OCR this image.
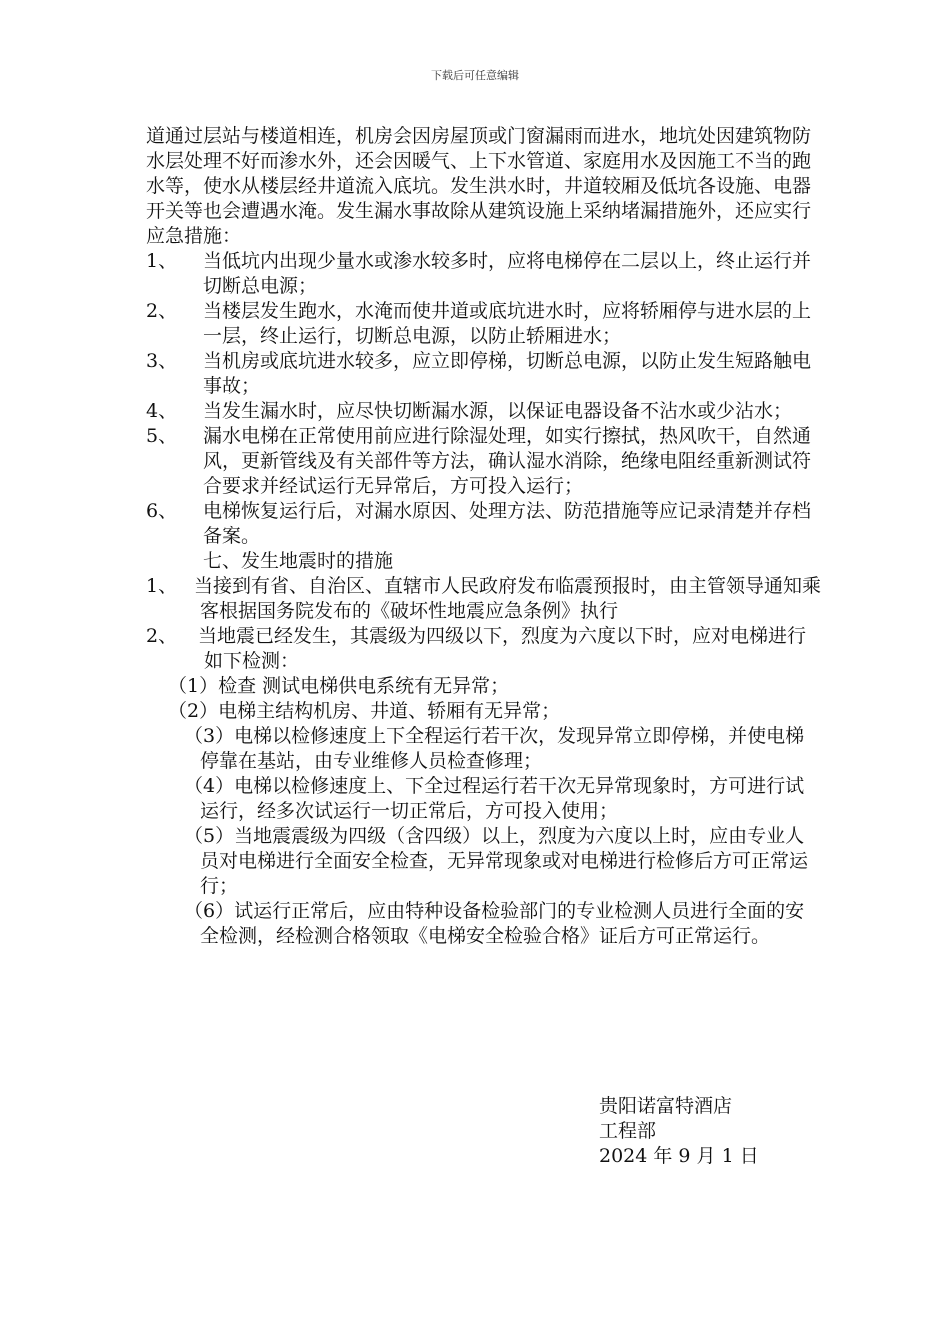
下载后可任意编辑

道通过层站与楼道相连，机房会因房屋顶或门窗漏雨而进水，地坑处因建筑物防水层处理不好而渗水外，还会因暖气、上下水管道、家庭用水及因施工不当的跑水等，使水从楼层经井道流入底坑。发生洪水时，井道较厢及低坑各设施、电器开关等也会遭遇水淹。发生漏水事故除从建筑设施上采纳堵漏措施外，还应实行应急措施：

1、	当低坑内出现少量水或渗水较多时，应将电梯停在二层以上，终止运行并切断总电源；
2、	当楼层发生跑水，水淹而使井道或底坑进水时，应将轿厢停与进水层的上一层，终止运行，切断总电源，以防止轿厢进水；
3、	当机房或底坑进水较多，应立即停梯，切断总电源，以防止发生短路触电事故；
4、	当发生漏水时，应尽快切断漏水源，以保证电器设备不沾水或少沾水；
5、	漏水电梯在正常使用前应进行除湿处理，如实行擦拭，热风吹干，自然通风，更新管线及有关部件等方法，确认湿水消除，绝缘电阻经重新测试符合要求并经试运行无异常后，方可投入运行；
6、	电梯恢复运行后，对漏水原因、处理方法、防范措施等应记录清楚并存档备案。

七、发生地震时的措施

1、 当接到有省、自治区、直辖市人民政府发布临震预报时，由主管领导通知乘客根据国务院发布的《破坏性地震应急条例》执行
2、	当地震已经发生，其震级为四级以下，烈度为六度以下时，应对电梯进行如下检测：

（1）检查 测试电梯供电系统有无异常；

（2）电梯主结构机房、井道、轿厢有无异常；

（3）电梯以检修速度上下全程运行若干次，发现异常立即停梯，并使电梯停靠在基站，由专业维修人员检查修理；

（4）电梯以检修速度上、下全过程运行若干次无异常现象时，方可进行试运行，经多次试运行一切正常后，方可投入使用；

（5）当地震震级为四级（含四级）以上，烈度为六度以上时，应由专业人员对电梯进行全面安全检查，无异常现象或对电梯进行检修后方可正常运行；

（6）试运行正常后，应由特种设备检验部门的专业检测人员进行全面的安全检测，经检测合格领取《电梯安全检验合格》证后方可正常运行。

贵阳诺富特酒店
工程部
2024 年 9 月 1 日
